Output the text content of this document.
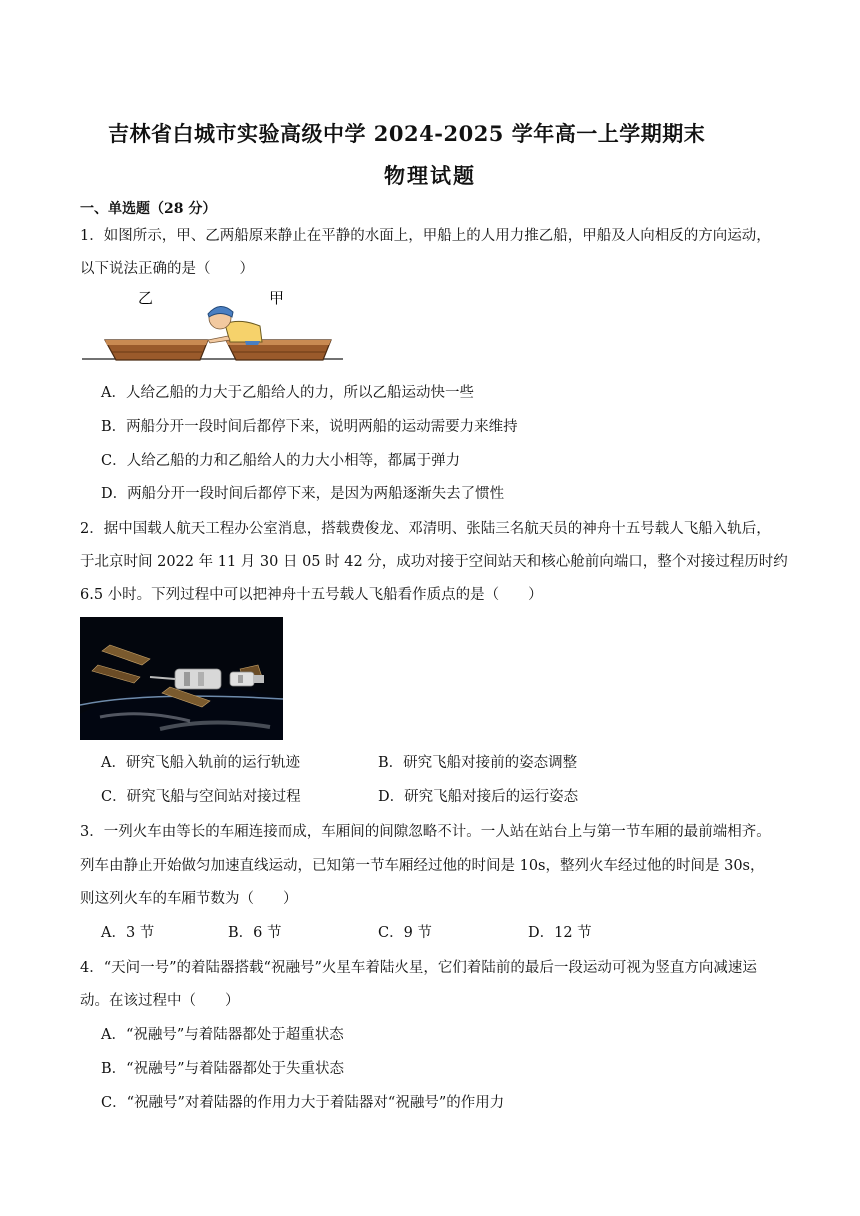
吉林省白城市实验高级中学 2024-2025 学年高一上学期期末
物理试题
一、单选题（28 分）
1．如图所示，甲、乙两船原来静止在平静的水面上，甲船上的人用力推乙船，甲船及人向相反的方向运动，
以下说法正确的是（　　）
乙	甲
A．人给乙船的力大于乙船给人的力，所以乙船运动快一些
B．两船分开一段时间后都停下来，说明两船的运动需要力来维持
C．人给乙船的力和乙船给人的力大小相等，都属于弹力
D．两船分开一段时间后都停下来，是因为两船逐渐失去了惯性
2．据中国载人航天工程办公室消息，搭载费俊龙、邓清明、张陆三名航天员的神舟十五号载人飞船入轨后，
于北京时间 2022 年 11 月 30 日 05 时 42 分，成功对接于空间站天和核心舱前向端口，整个对接过程历时约
6.5 小时。下列过程中可以把神舟十五号载人飞船看作质点的是（　　）
A．研究飞船入轨前的运行轨迹	B．研究飞船对接前的姿态调整
C．研究飞船与空间站对接过程	D．研究飞船对接后的运行姿态
3．一列火车由等长的车厢连接而成，车厢间的间隙忽略不计。一人站在站台上与第一节车厢的最前端相齐。
列车由静止开始做匀加速直线运动，已知第一节车厢经过他的时间是 10s，整列火车经过他的时间是 30s，
则这列火车的车厢节数为（　　）
A．3 节	B．6 节	C．9 节	D．12 节
4．“天问一号”的着陆器搭载“祝融号”火星车着陆火星，它们着陆前的最后一段运动可视为竖直方向减速运
动。在该过程中（　　）
A．“祝融号”与着陆器都处于超重状态
B．“祝融号”与着陆器都处于失重状态
C．“祝融号”对着陆器的作用力大于着陆器对“祝融号”的作用力
